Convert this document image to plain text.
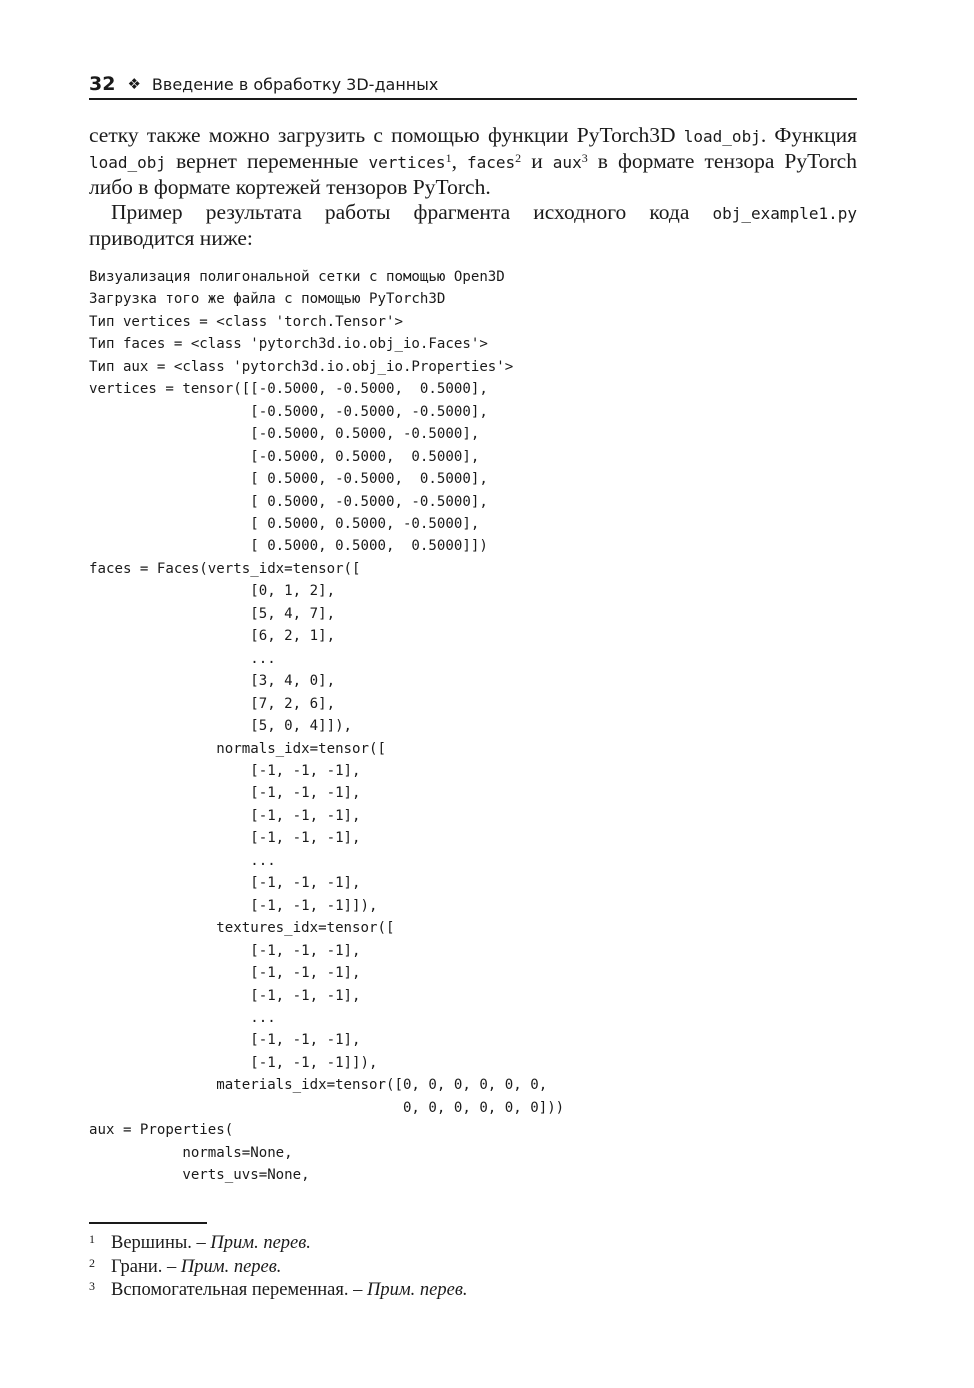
32 ❖ Введение в обработку 3D-данных

сетку также можно загрузить с помощью функции PyTorch3D load_obj. Функция load_obj вернет переменные vertices$^1$, faces$^2$ и aux$^3$ в формате тензора PyTorch либо в формате кортежей тензоров PyTorch.

Пример результата работы фрагмента исходного кода obj_example1.py приводится ниже:

Визуализация полигональной сетки с помощью Open3D
Загрузка того же файла с помощью PyTorch3D
Тип vertices = <class 'torch.Tensor'>
Тип faces = <class 'pytorch3d.io.obj_io.Faces'>
Тип aux = <class 'pytorch3d.io.obj_io.Properties'>
vertices = tensor([[-0.5000, -0.5000,  0.5000],
[-0.5000, -0.5000, -0.5000],
[-0.5000, 0.5000, -0.5000],
[-0.5000, 0.5000,  0.5000],
[ 0.5000, -0.5000,  0.5000],
[ 0.5000, -0.5000, -0.5000],
[ 0.5000, 0.5000, -0.5000],
[ 0.5000, 0.5000,  0.5000]])
faces = Faces(verts_idx=tensor([
[0, 1, 2],
[5, 4, 7],
[6, 2, 1],
...
[3, 4, 0],
[7, 2, 6],
[5, 0, 4]]),
normals_idx=tensor([
[-1, -1, -1],
[-1, -1, -1],
[-1, -1, -1],
[-1, -1, -1],
...
[-1, -1, -1],
[-1, -1, -1]]),
textures_idx=tensor([
[-1, -1, -1],
[-1, -1, -1],
[-1, -1, -1],
...
[-1, -1, -1],
[-1, -1, -1]]),
materials_idx=tensor([0, 0, 0, 0, 0, 0,
0, 0, 0, 0, 0, 0]))
aux = Properties(
normals=None,
verts_uvs=None,
1 Вершины. – Прим. перев.
2 Грани. – Прим. перев.
3 Вспомогательная переменная. – Прим. перев.
